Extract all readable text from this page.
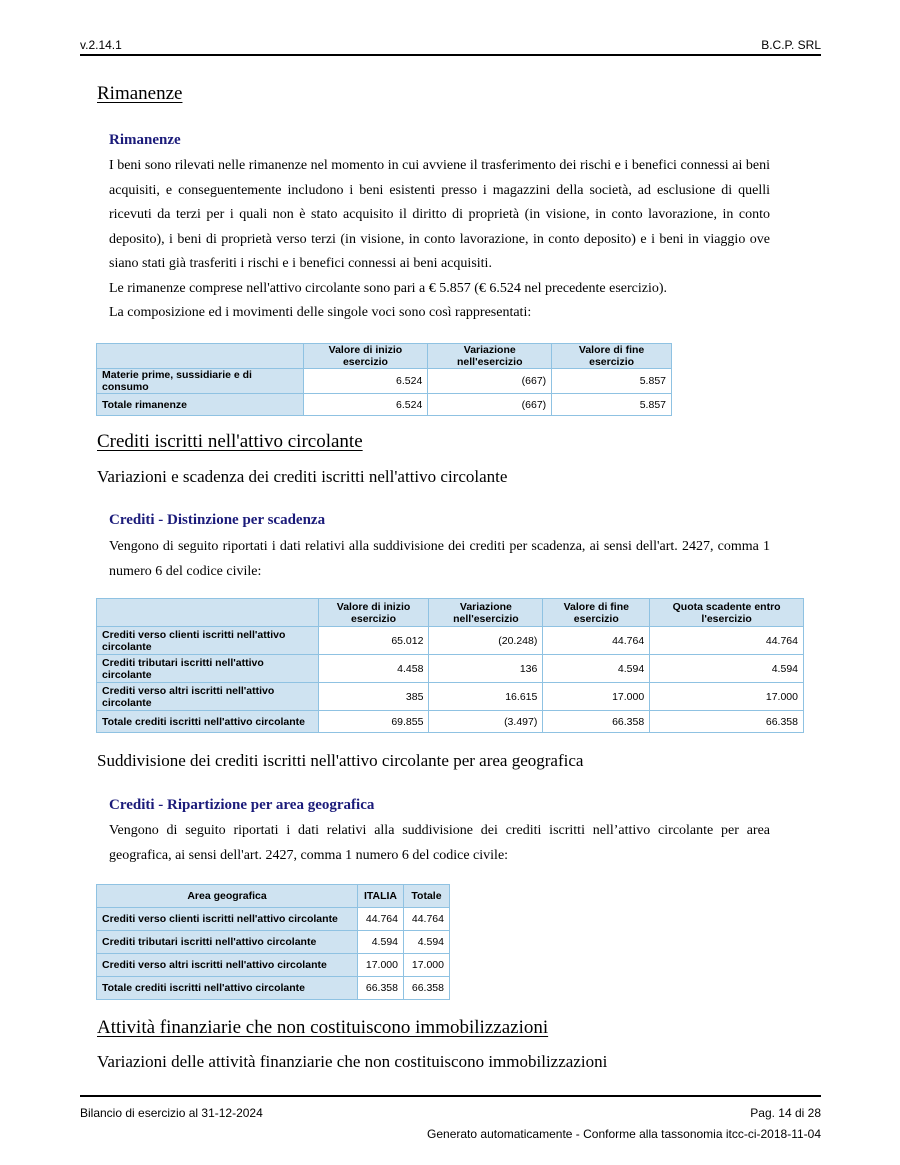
v.2.14.1	B.C.P. SRL
Rimanenze
Rimanenze

I beni sono rilevati nelle rimanenze nel momento in cui avviene il trasferimento dei rischi e i benefici connessi ai beni acquisiti, e conseguentemente includono i beni esistenti presso i magazzini della società, ad esclusione di quelli ricevuti da terzi per i quali non è stato acquisito il diritto di proprietà (in visione, in conto lavorazione, in conto deposito), i beni di proprietà verso terzi (in visione, in conto lavorazione, in conto deposito) e i beni in viaggio ove siano stati già trasferiti i rischi e i benefici connessi ai beni acquisiti.

Le rimanenze comprese nell'attivo circolante sono pari a € 5.857 (€ 6.524 nel precedente esercizio).

La composizione ed i movimenti delle singole voci sono così rappresentati:

	Valore di inizio esercizio	Variazione nell'esercizio	Valore di fine esercizio
Materie prime, sussidiarie e di consumo	6.524	(667)	5.857
Totale rimanenze	6.524	(667)	5.857
Crediti iscritti nell'attivo circolante
Variazioni e scadenza dei crediti iscritti nell'attivo circolante
Crediti - Distinzione per scadenza

Vengono di seguito riportati i dati relativi alla suddivisione dei crediti per scadenza, ai sensi dell'art. 2427, comma 1 numero 6 del codice civile:

	Valore di inizio esercizio	Variazione nell'esercizio	Valore di fine esercizio	Quota scadente entro l'esercizio
Crediti verso clienti iscritti nell'attivo circolante	65.012	(20.248)	44.764	44.764
Crediti tributari iscritti nell'attivo circolante	4.458	136	4.594	4.594
Crediti verso altri iscritti nell'attivo circolante	385	16.615	17.000	17.000
Totale crediti iscritti nell'attivo circolante	69.855	(3.497)	66.358	66.358
Suddivisione dei crediti iscritti nell'attivo circolante per area geografica
Crediti - Ripartizione per area geografica

Vengono di seguito riportati i dati relativi alla suddivisione dei crediti iscritti nell’attivo circolante per area geografica, ai sensi dell'art. 2427, comma 1 numero 6 del codice civile:

Area geografica	ITALIA	Totale
Crediti verso clienti iscritti nell'attivo circolante	44.764	44.764
Crediti tributari iscritti nell'attivo circolante	4.594	4.594
Crediti verso altri iscritti nell'attivo circolante	17.000	17.000
Totale crediti iscritti nell'attivo circolante	66.358	66.358
Attività finanziarie che non costituiscono immobilizzazioni
Variazioni delle attività finanziarie che non costituiscono immobilizzazioni
Bilancio di esercizio al 31-12-2024	Pag. 14 di 28
Generato automaticamente - Conforme alla tassonomia itcc-ci-2018-11-04
